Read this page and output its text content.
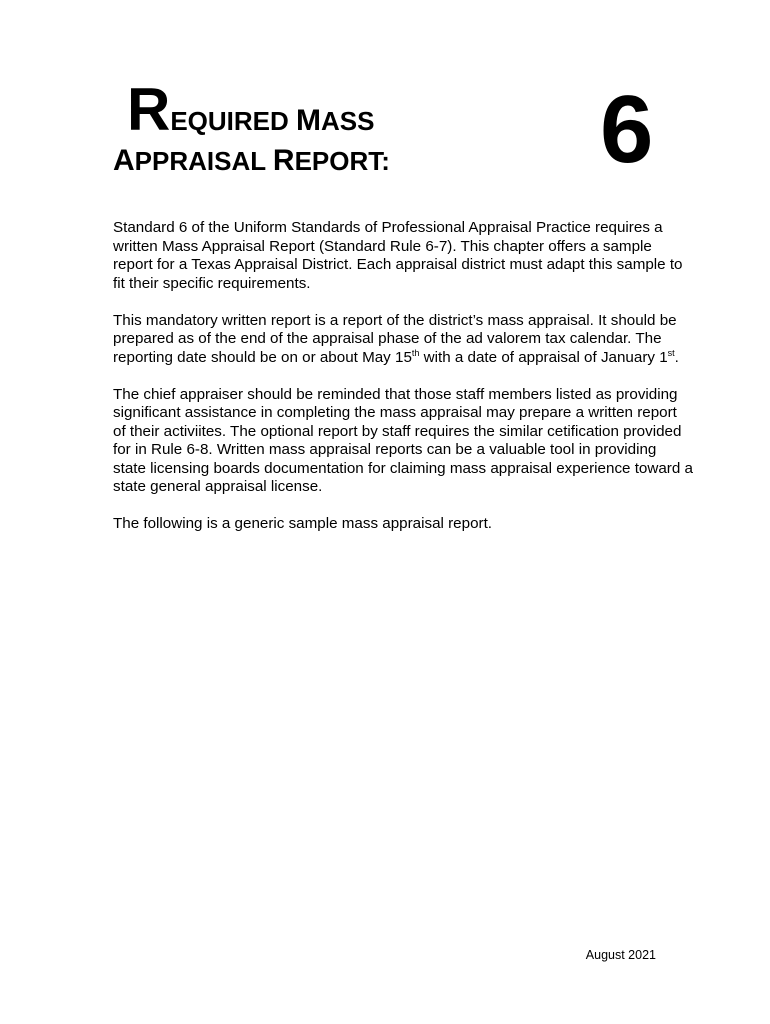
REQUIRED MASS
APPRAISAL REPORT: 6

Standard 6 of the Uniform Standards of Professional Appraisal Practice requires a written Mass Appraisal Report (Standard Rule 6-7). This chapter offers a sample report for a Texas Appraisal District. Each appraisal district must adapt this sample to fit their specific requirements.

This mandatory written report is a report of the district’s mass appraisal. It should be prepared as of the end of the appraisal phase of the ad valorem tax calendar. The reporting date should be on or about May 15th with a date of appraisal of January 1st.

The chief appraiser should be reminded that those staff members listed as providing significant assistance in completing the mass appraisal may prepare a written report of their activiites. The optional report by staff requires the similar cetification provided for in Rule 6-8. Written mass appraisal reports can be a valuable tool in providing state licensing boards documentation for claiming mass appraisal experience toward a state general appraisal license.

The following is a generic sample mass appraisal report.

August 2021
